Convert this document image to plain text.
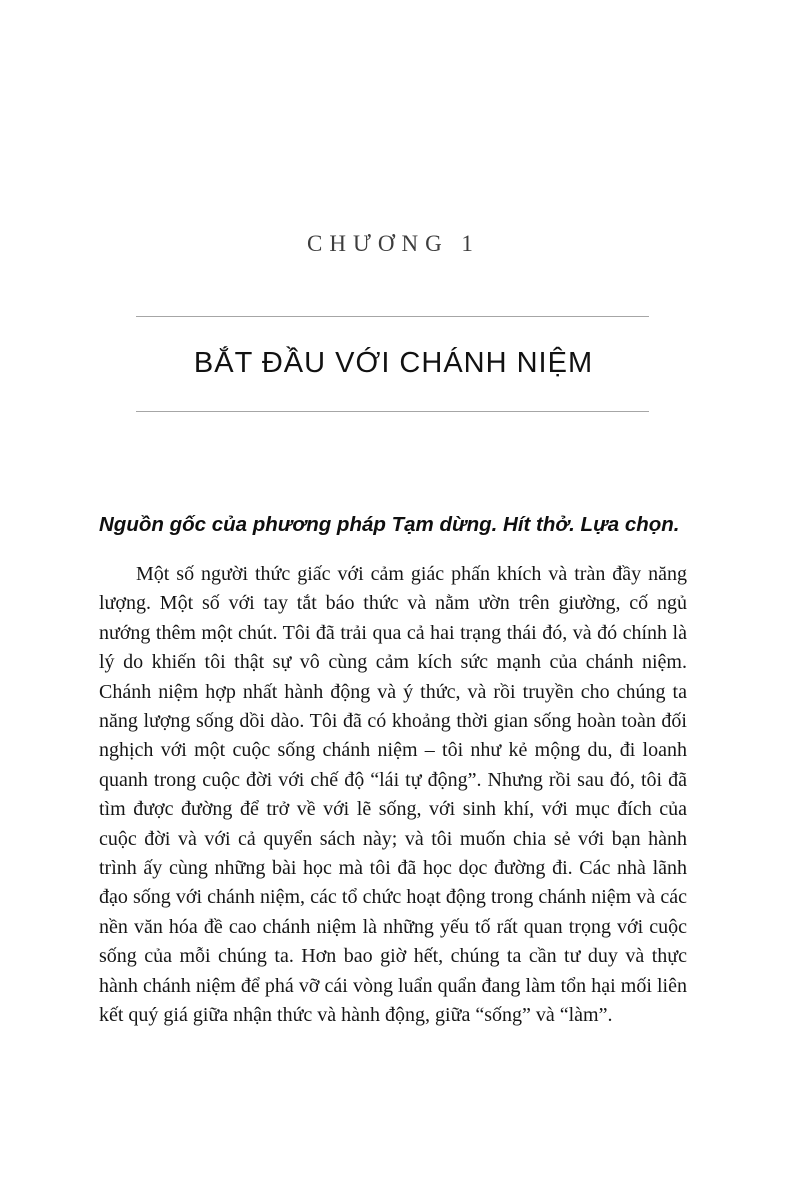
CHƯƠNG 1
BẮT ĐẦU VỚI CHÁNH NIỆM
Nguồn gốc của phương pháp Tạm dừng. Hít thở. Lựa chọn.

Một số người thức giấc với cảm giác phấn khích và tràn đầy năng lượng. Một số với tay tắt báo thức và nằm ườn trên giường, cố ngủ nướng thêm một chút. Tôi đã trải qua cả hai trạng thái đó, và đó chính là lý do khiến tôi thật sự vô cùng cảm kích sức mạnh của chánh niệm. Chánh niệm hợp nhất hành động và ý thức, và rồi truyền cho chúng ta năng lượng sống dồi dào. Tôi đã có khoảng thời gian sống hoàn toàn đối nghịch với một cuộc sống chánh niệm – tôi như kẻ mộng du, đi loanh quanh trong cuộc đời với chế độ “lái tự động”. Nhưng rồi sau đó, tôi đã tìm được đường để trở về với lẽ sống, với sinh khí, với mục đích của cuộc đời và với cả quyển sách này; và tôi muốn chia sẻ với bạn hành trình ấy cùng những bài học mà tôi đã học dọc đường đi. Các nhà lãnh đạo sống với chánh niệm, các tổ chức hoạt động trong chánh niệm và các nền văn hóa đề cao chánh niệm là những yếu tố rất quan trọng với cuộc sống của mỗi chúng ta. Hơn bao giờ hết, chúng ta cần tư duy và thực hành chánh niệm để phá vỡ cái vòng luẩn quẩn đang làm tổn hại mối liên kết quý giá giữa nhận thức và hành động, giữa “sống” và “làm”.
